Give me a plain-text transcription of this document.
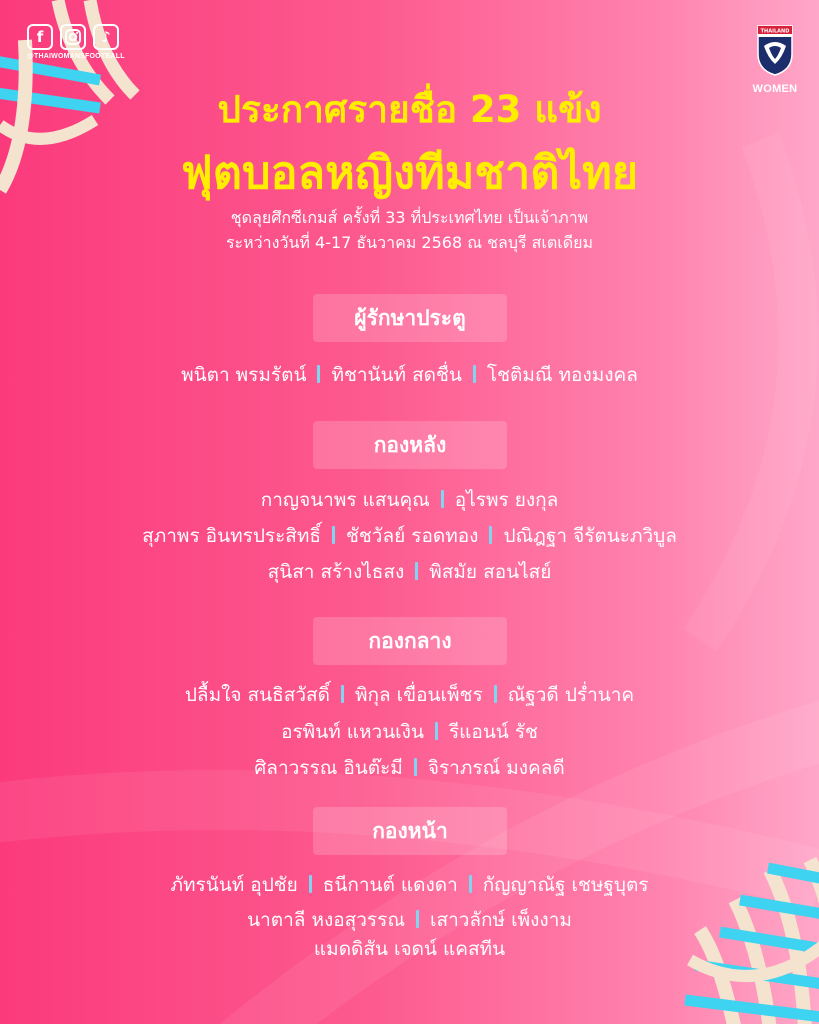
f	♪
@THAIWOMANSFOOTBALL
THAILAND
WOMEN
ประกาศรายชื่อ 23 แข้ง
ฟุตบอลหญิงทีมชาติไทย
ชุดลุยศึกซีเกมส์ ครั้งที่ 33 ที่ประเทศไทย เป็นเจ้าภาพ
ระหว่างวันที่ 4-17 ธันวาคม 2568 ณ ชลบุรี สเตเดียม
ผู้รักษาประตู
พนิตา พรมรัตน์ ทิชานันท์ สดชื่น โชติมณี ทองมงคล
กองหลัง
กาญจนาพร แสนคุณ อุไรพร ยงกุล
สุภาพร อินทรประสิทธิ์ ชัชวัลย์ รอดทอง ปณิฎฐา จีรัตนะภวิบูล
สุนิสา สร้างไธสง พิสมัย สอนไสย์
กองกลาง
ปลื้มใจ สนธิสวัสดิ์ พิกุล เขื่อนเพ็ชร ณัฐวดี ปร่ำนาค
อรพินท์ แหวนเงิน รีแอนน์ รัช
ศิลาวรรณ อินต๊ะมี จิราภรณ์ มงคลดี
กองหน้า
ภัทรนันท์ อุปชัย ธนีกานต์ แดงดา กัญญาณัฐ เชษฐบุตร
นาตาลี หงอสุวรรณ เสาวลักษ์ เพ็งงาม
แมดดิสัน เจดน์ แคสทีน
